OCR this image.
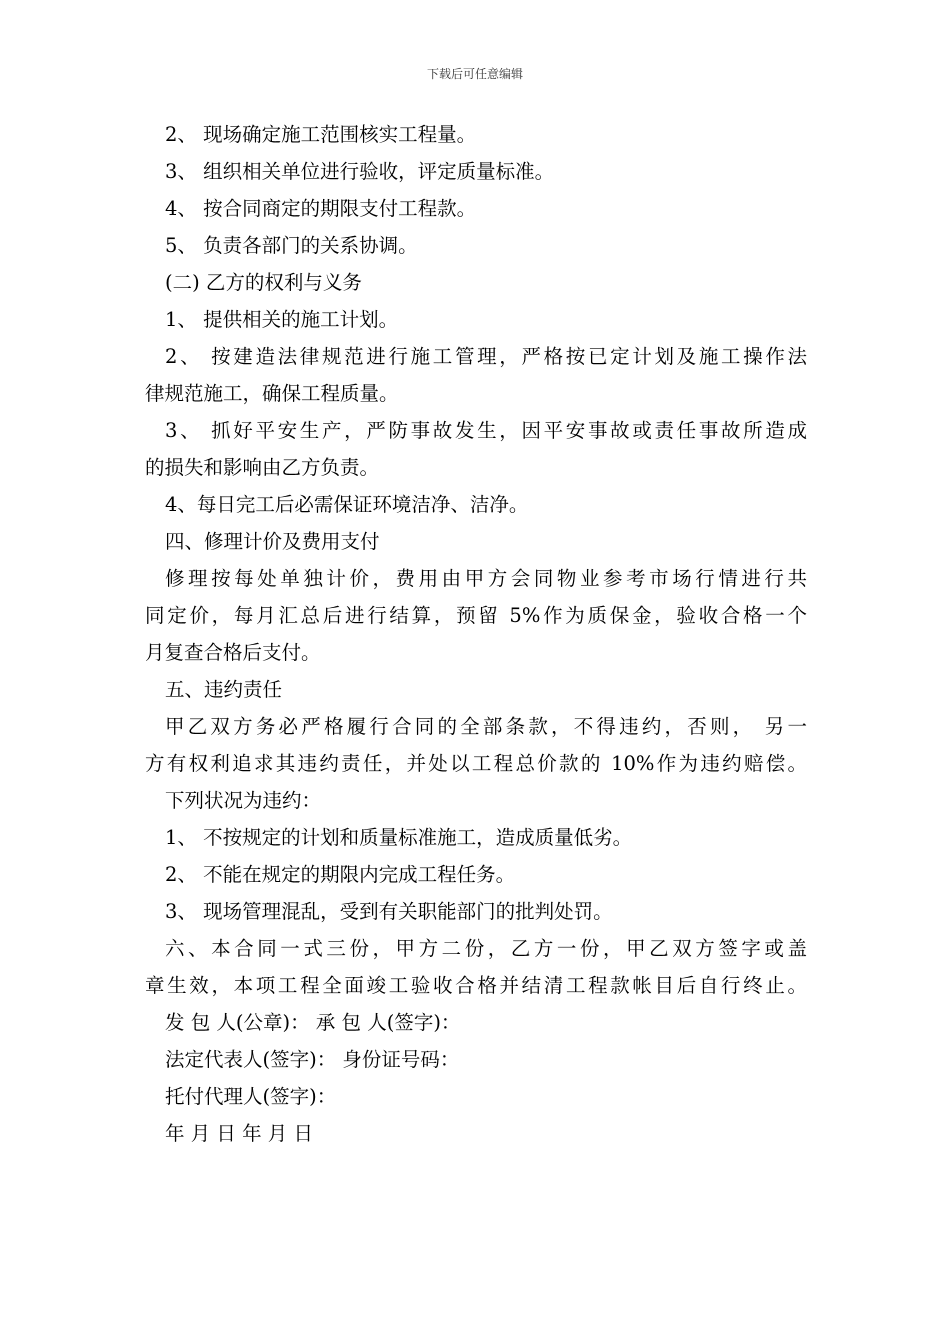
下载后可任意编辑
2、 现场确定施工范围核实工程量。
3、 组织相关单位进行验收，评定质量标准。
4、 按合同商定的期限支付工程款。
5、 负责各部门的关系协调。
(二) 乙方的权利与义务
1、 提供相关的施工计划。
2、 按建造法律规范进行施工管理，严格按已定计划及施工操作法
律规范施工，确保工程质量。
3、 抓好平安生产，严防事故发生，因平安事故或责任事故所造成
的损失和影响由乙方负责。
4、每日完工后必需保证环境洁净、洁净。
四、修理计价及费用支付
修理按每处单独计价，费用由甲方会同物业参考市场行情进行共
同定价，每月汇总后进行结算，预留 5%作为质保金，验收合格一个
月复查合格后支付。
五、违约责任
甲乙双方务必严格履行合同的全部条款，不得违约，否则， 另一
方有权利追求其违约责任，并处以工程总价款的 10%作为违约赔偿。
下列状况为违约：
1、 不按规定的计划和质量标准施工，造成质量低劣。
2、 不能在规定的期限内完成工程任务。
3、 现场管理混乱，受到有关职能部门的批判处罚。
六、本合同一式三份，甲方二份，乙方一份，甲乙双方签字或盖
章生效，本项工程全面竣工验收合格并结清工程款帐目后自行终止。
发 包 人(公章)： 承 包 人(签字)：
法定代表人(签字)： 身份证号码：
托付代理人(签字)：
年 月 日 年 月 日
